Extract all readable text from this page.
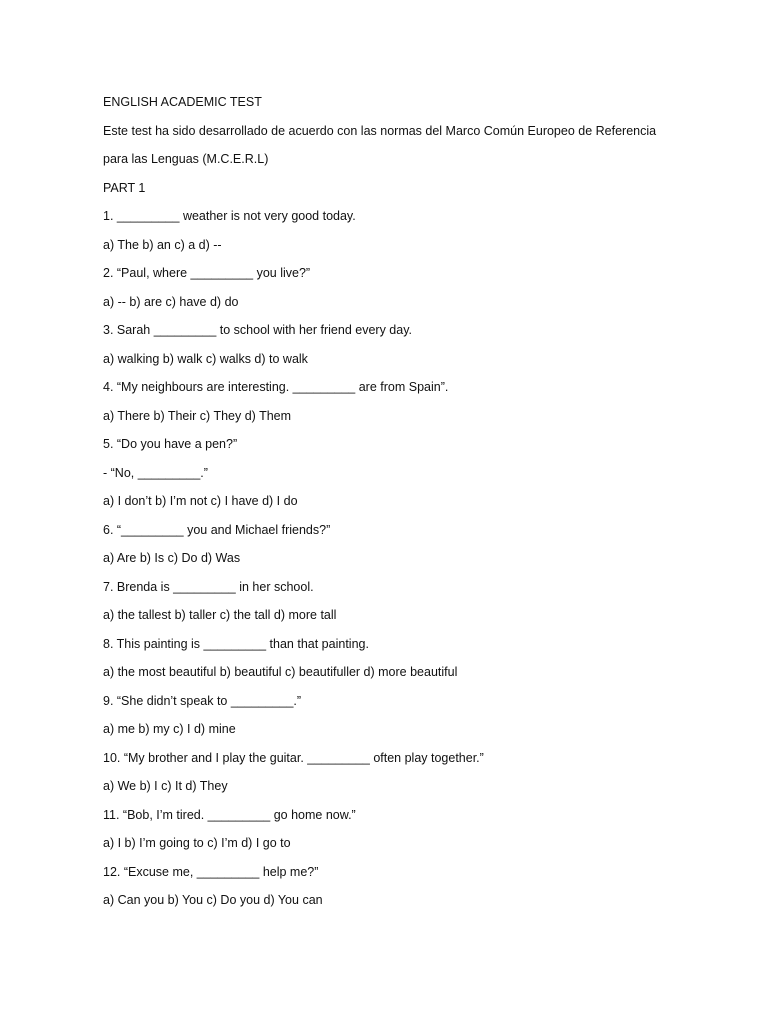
ENGLISH ACADEMIC TEST

Este test ha sido desarrollado de acuerdo con las normas del Marco Común Europeo de Referencia

para las Lenguas (M.C.E.R.L)

PART 1

1. _________ weather is not very good today.

a) The b) an c) a d) --

2. “Paul, where _________ you live?”

a) -- b) are c) have d) do

3. Sarah _________ to school with her friend every day.

a) walking b) walk c) walks d) to walk

4. “My neighbours are interesting. _________ are from Spain”.

a) There b) Their c) They d) Them

5. “Do you have a pen?”

- “No, _________.”

a) I don’t b) I’m not c) I have d) I do

6. “_________ you and Michael friends?”

a) Are b) Is c) Do d) Was

7. Brenda is _________ in her school.

a) the tallest b) taller c) the tall d) more tall

8. This painting is _________ than that painting.

a) the most beautiful b) beautiful c) beautifuller d) more beautiful

9. “She didn’t speak to _________.”

a) me b) my c) I d) mine

10. “My brother and I play the guitar. _________ often play together.”

a) We b) I c) It d) They

11. “Bob, I’m tired. _________ go home now.”

a) I b) I’m going to c) I’m d) I go to

12. “Excuse me, _________ help me?”

a) Can you b) You c) Do you d) You can
